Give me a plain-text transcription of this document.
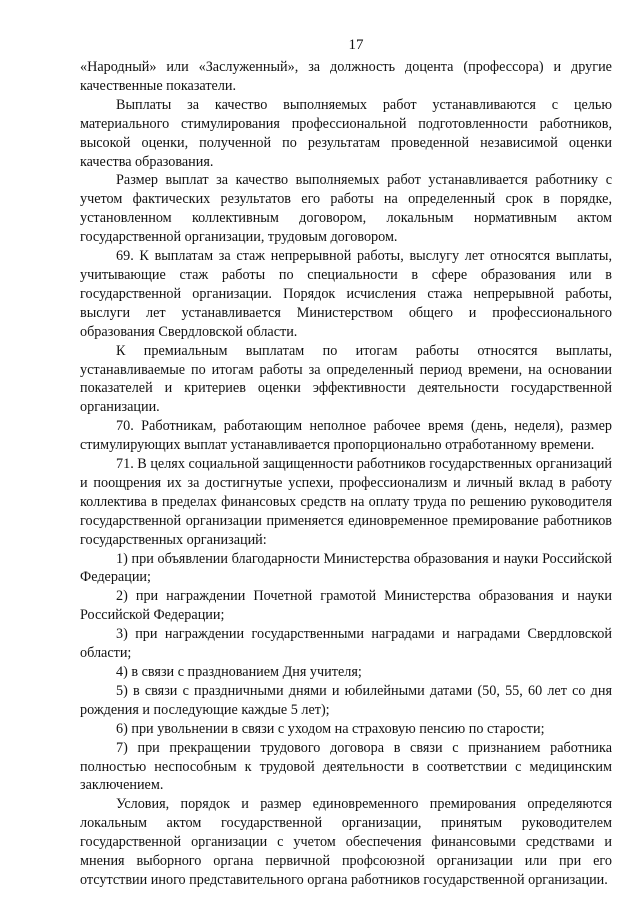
17

«Народный» или «Заслуженный», за должность доцента (профессора) и другие качественные показатели.

Выплаты за качество выполняемых работ устанавливаются с целью материального стимулирования профессиональной подготовленности работников, высокой оценки, полученной по результатам проведенной независимой оценки качества образования.

Размер выплат за качество выполняемых работ устанавливается работнику с учетом фактических результатов его работы на определенный срок в порядке, установленном коллективным договором, локальным нормативным актом государственной организации, трудовым договором.

69. К выплатам за стаж непрерывной работы, выслугу лет относятся выплаты, учитывающие стаж работы по специальности в сфере образования или в государственной организации. Порядок исчисления стажа непрерывной работы, выслуги лет устанавливается Министерством общего и профессионального образования Свердловской области.

К премиальным выплатам по итогам работы относятся выплаты, устанавливаемые по итогам работы за определенный период времени, на основании показателей и критериев оценки эффективности деятельности государственной организации.

70. Работникам, работающим неполное рабочее время (день, неделя), размер стимулирующих выплат устанавливается пропорционально отработанному времени.

71. В целях социальной защищенности работников государственных организаций и поощрения их за достигнутые успехи, профессионализм и личный вклад в работу коллектива в пределах финансовых средств на оплату труда по решению руководителя государственной организации применяется единовременное премирование работников государственных организаций:

1) при объявлении благодарности Министерства образования и науки Российской Федерации;

2) при награждении Почетной грамотой Министерства образования и науки Российской Федерации;

3) при награждении государственными наградами и наградами Свердловской области;

4) в связи с празднованием Дня учителя;

5) в связи с праздничными днями и юбилейными датами (50, 55, 60 лет со дня рождения и последующие каждые 5 лет);

6) при увольнении в связи с уходом на страховую пенсию по старости;

7) при прекращении трудового договора в связи с признанием работника полностью неспособным к трудовой деятельности в соответствии с медицинским заключением.

Условия, порядок и размер единовременного премирования определяются локальным актом государственной организации, принятым руководителем государственной организации с учетом обеспечения финансовыми средствами и мнения выборного органа первичной профсоюзной организации или при его отсутствии иного представительного органа работников государственной организации.
